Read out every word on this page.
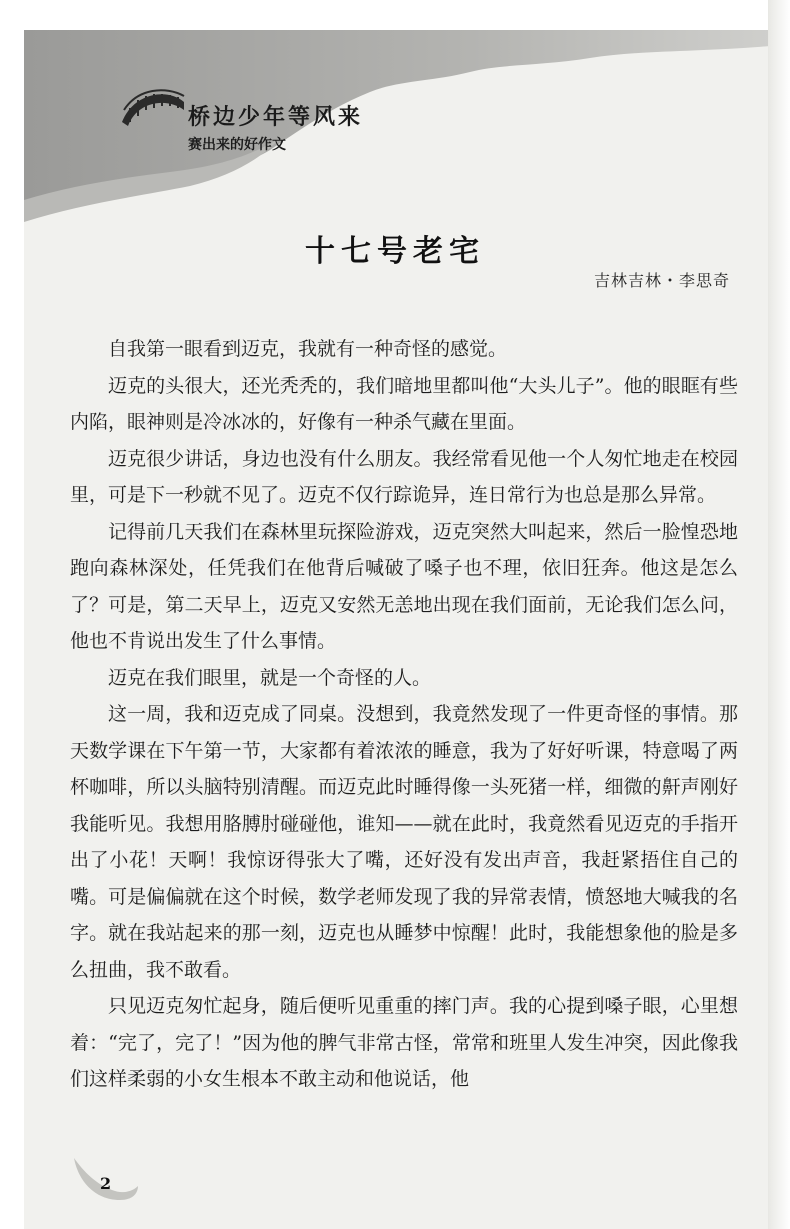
桥边少年等风来
赛出来的好作文
十七号老宅
吉林吉林・李思奇

自我第一眼看到迈克，我就有一种奇怪的感觉。

迈克的头很大，还光秃秃的，我们暗地里都叫他“大头儿子”。他的眼眶有些内陷，眼神则是冷冰冰的，好像有一种杀气藏在里面。

迈克很少讲话，身边也没有什么朋友。我经常看见他一个人匆忙地走在校园里，可是下一秒就不见了。迈克不仅行踪诡异，连日常行为也总是那么异常。

记得前几天我们在森林里玩探险游戏，迈克突然大叫起来，然后一脸惶恐地跑向森林深处，任凭我们在他背后喊破了嗓子也不理，依旧狂奔。他这是怎么了？可是，第二天早上，迈克又安然无恙地出现在我们面前，无论我们怎么问，他也不肯说出发生了什么事情。

迈克在我们眼里，就是一个奇怪的人。

这一周，我和迈克成了同桌。没想到，我竟然发现了一件更奇怪的事情。那天数学课在下午第一节，大家都有着浓浓的睡意，我为了好好听课，特意喝了两杯咖啡，所以头脑特别清醒。而迈克此时睡得像一头死猪一样，细微的鼾声刚好我能听见。我想用胳膊肘碰碰他，谁知——就在此时，我竟然看见迈克的手指开出了小花！天啊！我惊讶得张大了嘴，还好没有发出声音，我赶紧捂住自己的嘴。可是偏偏就在这个时候，数学老师发现了我的异常表情，愤怒地大喊我的名字。就在我站起来的那一刻，迈克也从睡梦中惊醒！此时，我能想象他的脸是多么扭曲，我不敢看。

只见迈克匆忙起身，随后便听见重重的摔门声。我的心提到嗓子眼，心里想着：“完了，完了！”因为他的脾气非常古怪，常常和班里人发生冲突，因此像我们这样柔弱的小女生根本不敢主动和他说话，他

2
